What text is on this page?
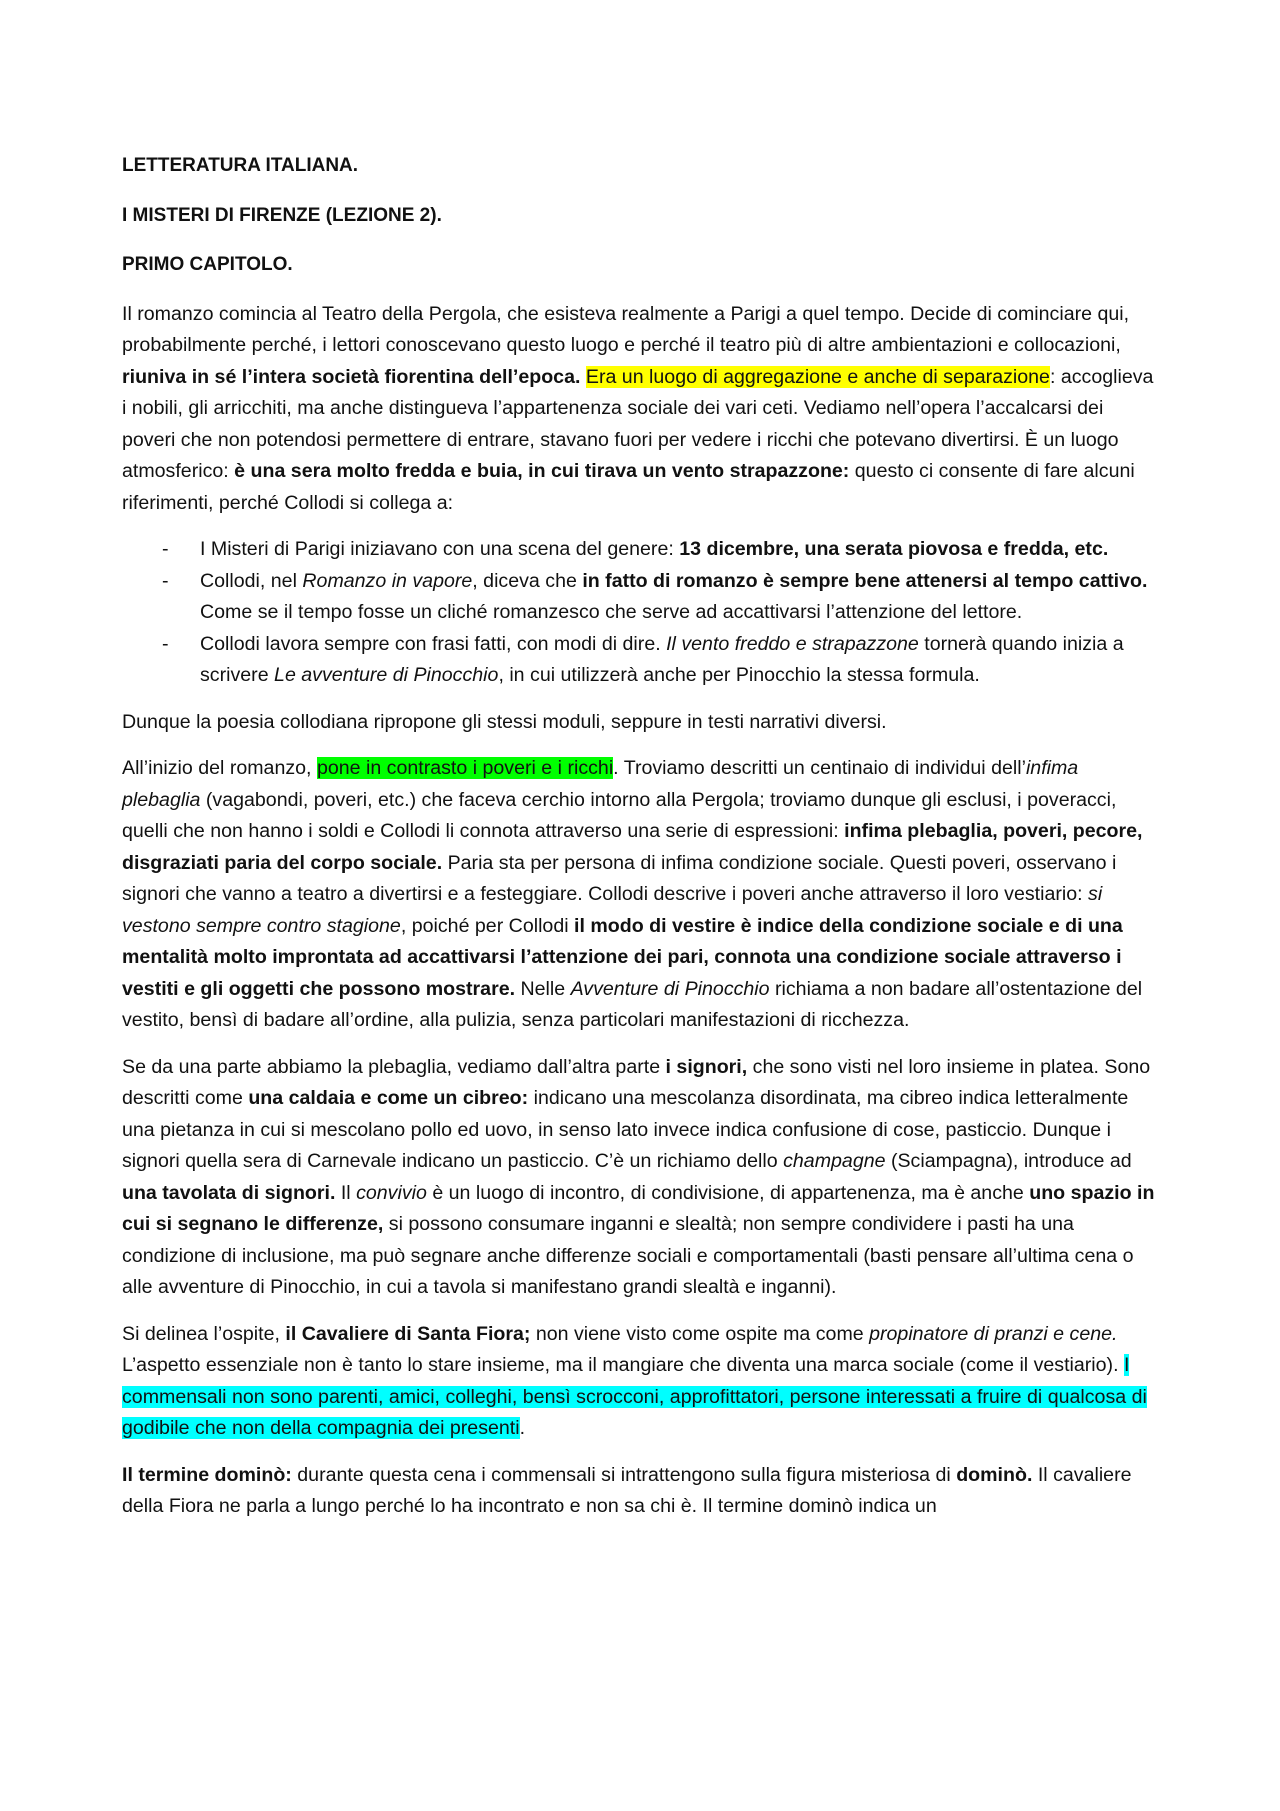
LETTERATURA ITALIANA.
I MISTERI DI FIRENZE (LEZIONE 2).
PRIMO CAPITOLO.

Il romanzo comincia al Teatro della Pergola, che esisteva realmente a Parigi a quel tempo. Decide di cominciare qui, probabilmente perché, i lettori conoscevano questo luogo e perché il teatro più di altre ambientazioni e collocazioni, riuniva in sé l’intera società fiorentina dell’epoca. Era un luogo di aggregazione e anche di separazione: accoglieva i nobili, gli arricchiti, ma anche distingueva l’appartenenza sociale dei vari ceti. Vediamo nell’opera l’accalcarsi dei poveri che non potendosi permettere di entrare, stavano fuori per vedere i ricchi che potevano divertirsi. È un luogo atmosferico: è una sera molto fredda e buia, in cui tirava un vento strapazzone: questo ci consente di fare alcuni riferimenti, perché Collodi si collega a:

- I Misteri di Parigi iniziavano con una scena del genere: 13 dicembre, una serata piovosa e fredda, etc.
- Collodi, nel Romanzo in vapore, diceva che in fatto di romanzo è sempre bene attenersi al tempo cattivo. Come se il tempo fosse un cliché romanzesco che serve ad accattivarsi l’attenzione del lettore.
- Collodi lavora sempre con frasi fatti, con modi di dire. Il vento freddo e strapazzone tornerà quando inizia a scrivere Le avventure di Pinocchio, in cui utilizzerà anche per Pinocchio la stessa formula.

Dunque la poesia collodiana ripropone gli stessi moduli, seppure in testi narrativi diversi.

All’inizio del romanzo, pone in contrasto i poveri e i ricchi. Troviamo descritti un centinaio di individui dell’infima plebaglia (vagabondi, poveri, etc.) che faceva cerchio intorno alla Pergola; troviamo dunque gli esclusi, i poveracci, quelli che non hanno i soldi e Collodi li connota attraverso una serie di espressioni: infima plebaglia, poveri, pecore, disgraziati paria del corpo sociale. Paria sta per persona di infima condizione sociale. Questi poveri, osservano i signori che vanno a teatro a divertirsi e a festeggiare. Collodi descrive i poveri anche attraverso il loro vestiario: si vestono sempre contro stagione, poiché per Collodi il modo di vestire è indice della condizione sociale e di una mentalità molto improntata ad accattivarsi l’attenzione dei pari, connota una condizione sociale attraverso i vestiti e gli oggetti che possono mostrare. Nelle Avventure di Pinocchio richiama a non badare all’ostentazione del vestito, bensì di badare all’ordine, alla pulizia, senza particolari manifestazioni di ricchezza.

Se da una parte abbiamo la plebaglia, vediamo dall’altra parte i signori, che sono visti nel loro insieme in platea. Sono descritti come una caldaia e come un cibreo: indicano una mescolanza disordinata, ma cibreo indica letteralmente una pietanza in cui si mescolano pollo ed uovo, in senso lato invece indica confusione di cose, pasticcio. Dunque i signori quella sera di Carnevale indicano un pasticcio. C’è un richiamo dello champagne (Sciampagna), introduce ad una tavolata di signori. Il convivio è un luogo di incontro, di condivisione, di appartenenza, ma è anche uno spazio in cui si segnano le differenze, si possono consumare inganni e slealtà; non sempre condividere i pasti ha una condizione di inclusione, ma può segnare anche differenze sociali e comportamentali (basti pensare all’ultima cena o alle avventure di Pinocchio, in cui a tavola si manifestano grandi slealtà e inganni).

Si delinea l’ospite, il Cavaliere di Santa Fiora; non viene visto come ospite ma come propinatore di pranzi e cene. L’aspetto essenziale non è tanto lo stare insieme, ma il mangiare che diventa una marca sociale (come il vestiario). I commensali non sono parenti, amici, colleghi, bensì scrocconi, approfittatori, persone interessati a fruire di qualcosa di godibile che non della compagnia dei presenti.

Il termine dominò: durante questa cena i commensali si intrattengono sulla figura misteriosa di dominò. Il cavaliere della Fiora ne parla a lungo perché lo ha incontrato e non sa chi è. Il termine dominò indica un
